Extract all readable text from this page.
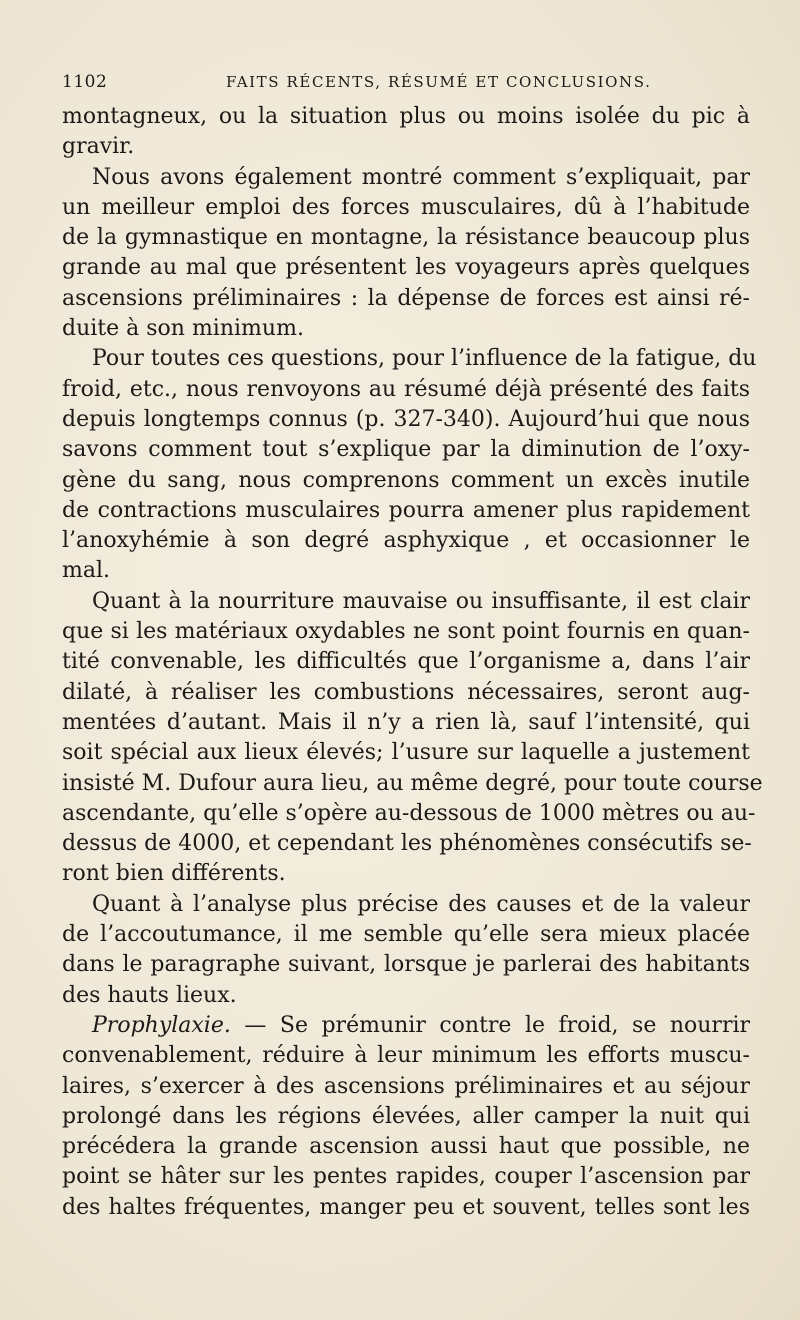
1102	FAITS RÉCENTS, RÉSUMÉ ET CONCLUSIONS.
montagneux, ou la situation plus ou moins isolée du pic à
gravir.
Nous avons également montré comment s’expliquait, par
un meilleur emploi des forces musculaires, dû à l’habitude
de la gymnastique en montagne, la résistance beaucoup plus
grande au mal que présentent les voyageurs après quelques
ascensions préliminaires : la dépense de forces est ainsi ré-
duite à son minimum.
Pour toutes ces questions, pour l’influence de la fatigue, du
froid, etc., nous renvoyons au résumé déjà présenté des faits
depuis longtemps connus (p. 327-340). Aujourd’hui que nous
savons comment tout s’explique par la diminution de l’oxy-
gène du sang, nous comprenons comment un excès inutile
de contractions musculaires pourra amener plus rapidement
l’anoxyhémie à son degré asphyxique , et occasionner le
mal.
Quant à la nourriture mauvaise ou insuffisante, il est clair
que si les matériaux oxydables ne sont point fournis en quan-
tité convenable, les difficultés que l’organisme a, dans l’air
dilaté, à réaliser les combustions nécessaires, seront aug-
mentées d’autant. Mais il n’y a rien là, sauf l’intensité, qui
soit spécial aux lieux élevés; l’usure sur laquelle a justement
insisté M. Dufour aura lieu, au même degré, pour toute course
ascendante, qu’elle s’opère au-dessous de 1000 mètres ou au-
dessus de 4000, et cependant les phénomènes consécutifs se-
ront bien différents.
Quant à l’analyse plus précise des causes et de la valeur
de l’accoutumance, il me semble qu’elle sera mieux placée
dans le paragraphe suivant, lorsque je parlerai des habitants
des hauts lieux.
Prophylaxie. — Se prémunir contre le froid, se nourrir
convenablement, réduire à leur minimum les efforts muscu-
laires, s’exercer à des ascensions préliminaires et au séjour
prolongé dans les régions élevées, aller camper la nuit qui
précédera la grande ascension aussi haut que possible, ne
point se hâter sur les pentes rapides, couper l’ascension par
des haltes fréquentes, manger peu et souvent, telles sont les
